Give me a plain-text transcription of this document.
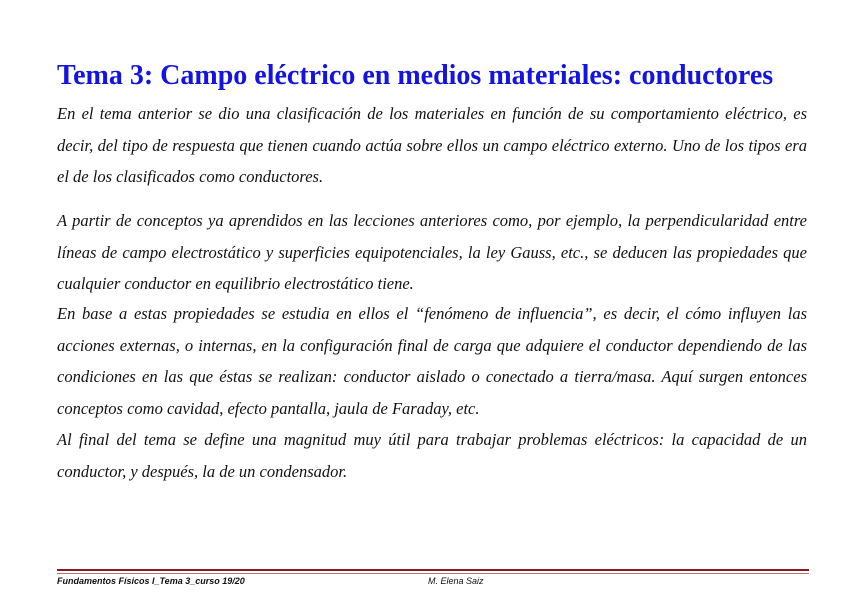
Tema 3: Campo eléctrico en medios materiales: conductores

En el tema anterior se dio una clasificación de los materiales en función de su comportamiento eléctrico, es decir, del tipo de respuesta que tienen cuando actúa sobre ellos un campo eléctrico externo. Uno de los tipos era el de los clasificados como conductores.

A partir de conceptos ya aprendidos en las lecciones anteriores como, por ejemplo, la perpendicularidad entre líneas de campo electrostático y superficies equipotenciales, la ley Gauss, etc., se deducen las propiedades que cualquier conductor en equilibrio electrostático tiene.

En base a estas propiedades se estudia en ellos el “fenómeno de influencia”, es decir, el cómo influyen las acciones externas, o internas, en la configuración final de carga que adquiere el conductor dependiendo de las condiciones en las que éstas se realizan: conductor aislado o conectado a tierra/masa. Aquí surgen entonces conceptos como cavidad, efecto pantalla, jaula de Faraday, etc.

Al final del tema se define una magnitud muy útil para trabajar problemas eléctricos: la capacidad de un conductor, y después, la de un condensador.

Fundamentos Físicos I_Tema 3_curso 19/20	M. Elena Saiz
